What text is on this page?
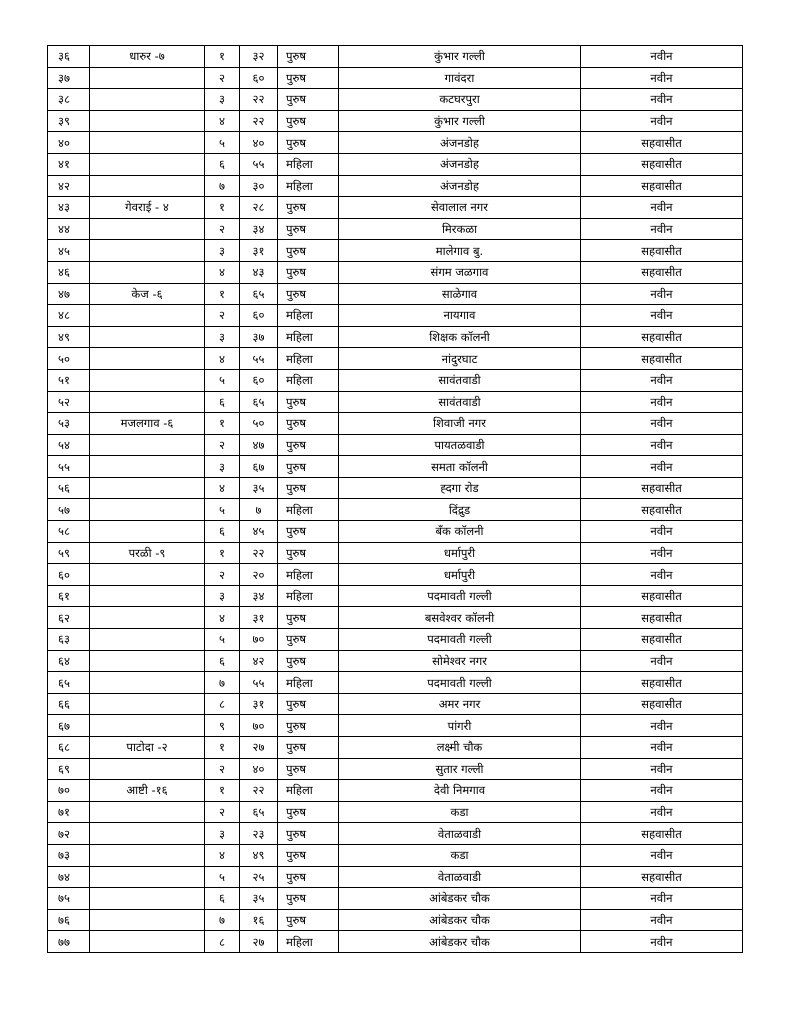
३६	धारुर -७	१	३२	पुरुष	कुंभार गल्ली	नवीन
३७		२	६०	पुरुष	गावंदरा	नवीन
३८		३	२२	पुरुष	कटघरपुरा	नवीन
३९		४	२२	पुरुष	कुंभार गल्ली	नवीन
४०		५	४०	पुरुष	अंजनडोह	सहवासीत
४१		६	५५	महिला	अंजनडोह	सहवासीत
४२		७	३०	महिला	अंजनडोह	सहवासीत
४३	गेवराई - ४	१	२८	पुरुष	सेवालाल नगर	नवीन
४४		२	३४	पुरुष	मिरकळा	नवीन
४५		३	३१	पुरुष	मालेगाव बु.	सहवासीत
४६		४	४३	पुरुष	संगम जळगाव	सहवासीत
४७	केज -६	१	६५	पुरुष	साळेगाव	नवीन
४८		२	६०	महिला	नायगाव	नवीन
४९		३	३७	महिला	शिक्षक कॉलनी	सहवासीत
५०		४	५५	महिला	नांदुरघाट	सहवासीत
५१		५	६०	महिला	सावंतवाडी	नवीन
५२		६	६५	पुरुष	सावंतवाडी	नवीन
५३	मजलगाव -६	१	५०	पुरुष	शिवाजी नगर	नवीन
५४		२	४७	पुरुष	पायतळवाडी	नवीन
५५		३	६७	पुरुष	समता कॉलनी	नवीन
५६		४	३५	पुरुष	ह्दगा रोड	सहवासीत
५७		५	७	महिला	दिंद्रुड	सहवासीत
५८		६	४५	पुरुष	बँक कॉलनी	नवीन
५९	परळी -९	१	२२	पुरुष	धर्मापुरी	नवीन
६०		२	२०	महिला	धर्मापुरी	नवीन
६१		३	३४	महिला	पदमावती गल्ली	सहवासीत
६२		४	३१	पुरुष	बसवेश्वर कॉलनी	सहवासीत
६३		५	७०	पुरुष	पदमावती गल्ली	सहवासीत
६४		६	४२	पुरुष	सोमेश्वर नगर	नवीन
६५		७	५५	महिला	पदमावती गल्ली	सहवासीत
६६		८	३१	पुरुष	अमर नगर	सहवासीत
६७		९	७०	पुरुष	पांगरी	नवीन
६८	पाटोदा -२	१	२७	पुरुष	लक्ष्मी चौक	नवीन
६९		२	४०	पुरुष	सुतार गल्ली	नवीन
७०	आष्टी -१६	१	२२	महिला	देवी निमगाव	नवीन
७१		२	६५	पुरुष	कडा	नवीन
७२		३	२३	पुरुष	वेताळवाडी	सहवासीत
७३		४	४९	पुरुष	कडा	नवीन
७४		५	२५	पुरुष	वेताळवाडी	सहवासीत
७५		६	३५	पुरुष	आंबेडकर चौक	नवीन
७६		७	१६	पुरुष	आंबेडकर चौक	नवीन
७७		८	२७	महिला	आंबेडकर चौक	नवीन
